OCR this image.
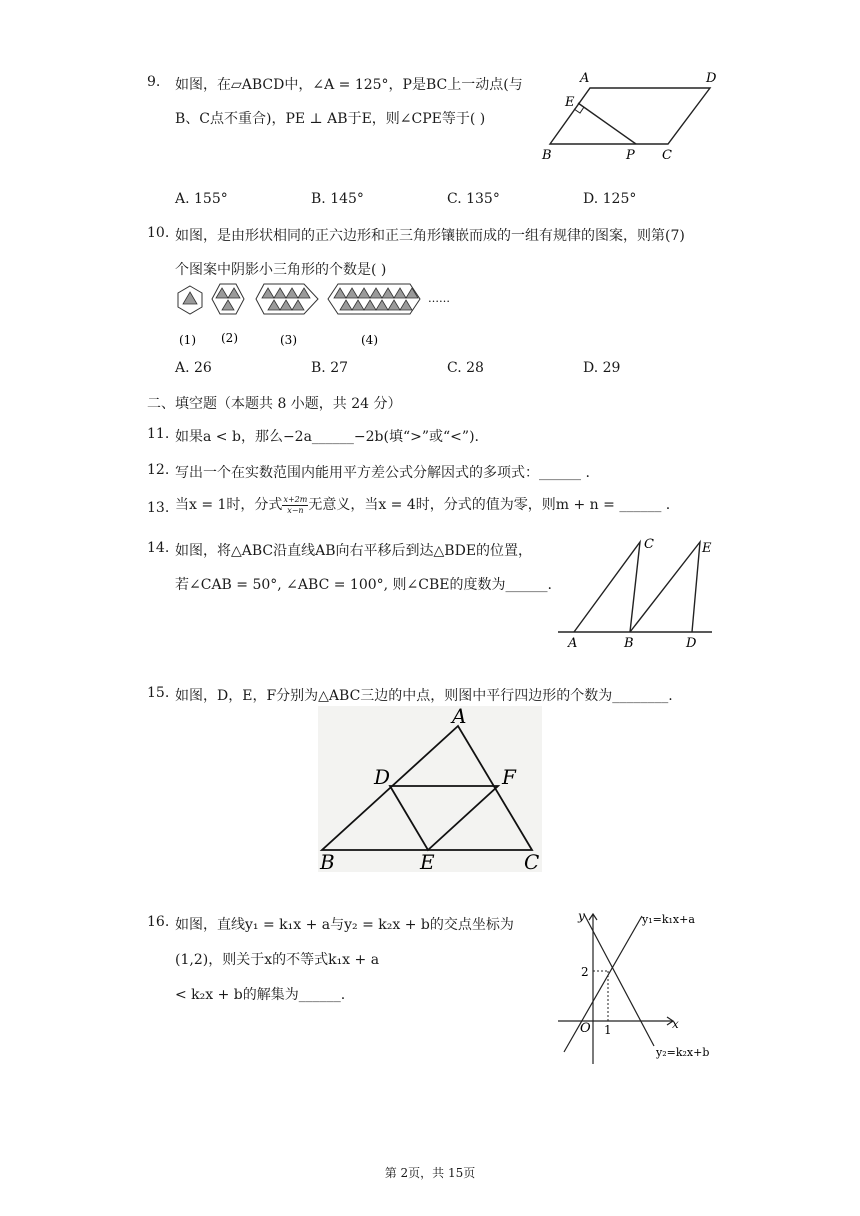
9. 如图，在▱ABCD中，∠A = 125°，P是BC上一动点(与
B、C点不重合)，PE ⊥ AB于E，则∠CPE等于( )
A	D
E
B	P C
A. 155°	B. 145°	C. 135°	D. 125°
10. 如图，是由形状相同的正六边形和正三角形镶嵌而成的一组有规律的图案，则第(7)
个图案中阴影小三角形的个数是( )
……
(1) (2)	(3)	(4)
A. 26	B. 27	C. 28	D. 29
二、填空题（本题共 8 小题，共 24 分）
11. 如果a < b，那么−2a______−2b(填“>”或“<”).
12. 写出一个在实数范围内能用平方差公式分解因式的多项式：______ .
13. 当x = 1时，分式 $\frac{x+2m}{x-n}$ 无意义，当x = 4时，分式的值为零，则m + n = ______ .
14. 如图，将△ABC沿直线AB向右平移后到达△BDE的位置，
若∠CAB = 50°, ∠ABC = 100°, 则∠CBE的度数为______.
C	E
A	B	D
15. 如图，D，E，F分别为△ABC三边的中点，则图中平行四边形的个数为________.
A
D	F
B	E	C
16. 如图，直线y₁ = k₁x + a与y₂ = k₂x + b的交点坐标为
(1,2)，则关于x的不等式k₁x + a
< k₂x + b的解集为______.
y
x
O 1
2
y₁=k₁x+a
y₂=k₂x+b
第 2页，共 15页
